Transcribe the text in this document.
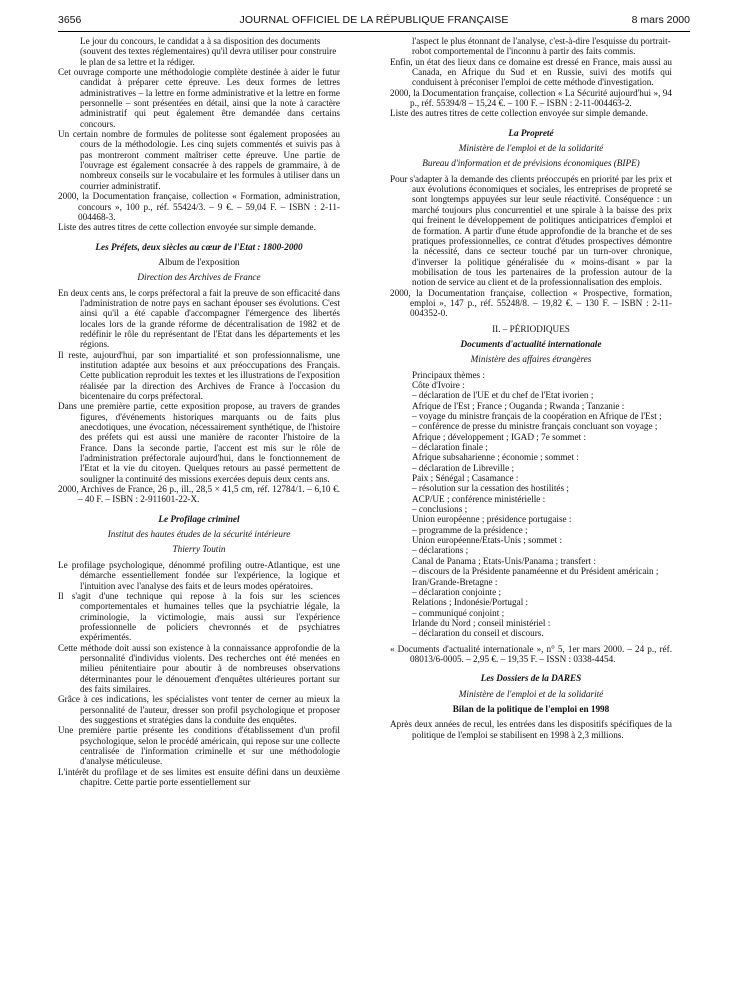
3656	JOURNAL OFFICIEL DE LA RÉPUBLIQUE FRANÇAISE	8 mars 2000

Le jour du concours, le candidat a à sa disposition des documents (souvent des textes réglementaires) qu'il devra utiliser pour construire le plan de sa lettre et la rédiger.

Cet ouvrage comporte une méthodologie complète destinée à aider le futur candidat à préparer cette épreuve. Les deux formes de lettres administratives – la lettre en forme administrative et la lettre en forme personnelle – sont présentées en détail, ainsi que la note à caractère administratif qui peut également être demandée dans certains concours.

Un certain nombre de formules de politesse sont également proposées au cours de la méthodologie. Les cinq sujets commentés et suivis pas à pas montreront comment maîtriser cette épreuve. Une partie de l'ouvrage est également consacrée à des rappels de grammaire, à de nombreux conseils sur le vocabulaire et les formules à utiliser dans un courrier administratif.

2000, la Documentation française, collection « Formation, administration, concours », 100 p., réf. 55424/3. – 9 €. – 59,04 F. – ISBN : 2-11-004468-3.

Liste des autres titres de cette collection envoyée sur simple demande.

Les Préfets, deux siècles au cœur de l'Etat : 1800-2000

Album de l'exposition

Direction des Archives de France

En deux cents ans, le corps préfectoral a fait la preuve de son efficacité dans l'administration de notre pays en sachant épouser ses évolutions. C'est ainsi qu'il a été capable d'accompagner l'émergence des libertés locales lors de la grande réforme de décentralisation de 1982 et de redéfinir le rôle du représentant de l'Etat dans les départements et les régions.

Il reste, aujourd'hui, par son impartialité et son professionnalisme, une institution adaptée aux besoins et aux préoccupations des Français. Cette publication reproduit les textes et les illustrations de l'exposition réalisée par la direction des Archives de France à l'occasion du bicentenaire du corps préfectoral.

Dans une première partie, cette exposition propose, au travers de grandes figures, d'événements historiques marquants ou de faits plus anecdotiques, une évocation, nécessairement synthétique, de l'histoire des préfets qui est aussi une manière de raconter l'histoire de la France. Dans la seconde partie, l'accent est mis sur le rôle de l'administration préfectorale aujourd'hui, dans le fonctionnement de l'Etat et la vie du citoyen. Quelques retours au passé permettent de souligner la continuité des missions exercées depuis deux cents ans.

2000, Archives de France, 26 p., ill., 28,5 × 41,5 cm, réf. 12784/1. – 6,10 €. – 40 F. – ISBN : 2-911601-22-X.

Le Profilage criminel

Institut des hautes études de la sécurité intérieure

Thierry Toutin

Le profilage psychologique, dénommé profiling outre-Atlantique, est une démarche essentiellement fondée sur l'expérience, la logique et l'intuition avec l'analyse des faits et de leurs modes opératoires.

Il s'agit d'une technique qui repose à la fois sur les sciences comportementales et humaines telles que la psychiatrie légale, la criminologie, la victimologie, mais aussi sur l'expérience professionnelle de policiers chevronnés et de psychiatres expérimentés.

Cette méthode doit aussi son existence à la connaissance approfondie de la personnalité d'individus violents. Des recherches ont été menées en milieu pénitentiaire pour aboutir à de nombreuses observations déterminantes pour le dénouement d'enquêtes ultérieures portant sur des faits similaires.

Grâce à ces indications, les spécialistes vont tenter de cerner au mieux la personnalité de l'auteur, dresser son profil psychologique et proposer des suggestions et stratégies dans la conduite des enquêtes.

Une première partie présente les conditions d'établissement d'un profil psychologique, selon le procédé américain, qui repose sur une collecte centralisée de l'information criminelle et sur une méthodologie d'analyse méticuleuse.

L'intérêt du profilage et de ses limites est ensuite défini dans un deuxième chapitre. Cette partie porte essentiellement sur

l'aspect le plus étonnant de l'analyse, c'est-à-dire l'esquisse du portrait-robot comportemental de l'inconnu à partir des faits commis.

Enfin, un état des lieux dans ce domaine est dressé en France, mais aussi au Canada, en Afrique du Sud et en Russie, suivi des motifs qui conduisent à préconiser l'emploi de cette méthode d'investigation.

2000, la Documentation française, collection « La Sécurité aujourd'hui », 94 p., réf. 55394/8 – 15,24 €. – 100 F. – ISBN : 2-11-004463-2.

Liste des autres titres de cette collection envoyée sur simple demande.

La Propreté

Ministère de l'emploi et de la solidarité

Bureau d'information et de prévisions économiques (BIPE)

Pour s'adapter à la demande des clients préoccupés en priorité par les prix et aux évolutions économiques et sociales, les entreprises de propreté se sont longtemps appuyées sur leur seule réactivité. Conséquence : un marché toujours plus concurrentiel et une spirale à la baisse des prix qui freinent le développement de politiques anticipatrices d'emploi et de formation. A partir d'une étude approfondie de la branche et de ses pratiques professionnelles, ce contrat d'études prospectives démontre la nécessité, dans ce secteur touché par un turn-over chronique, d'inverser la politique généralisée du « moins-disant » par la mobilisation de tous les partenaires de la profession autour de la notion de service au client et de la professionnalisation des emplois.

2000, la Documentation française, collection « Prospective, formation, emploi », 147 p., réf. 55248/8. – 19,82 €. – 130 F. – ISBN : 2-11-004352-0.

II. – PÉRIODIQUES

Documents d'actualité internationale

Ministère des affaires étrangères

Principaux thèmes :

Côte d'Ivoire :

– déclaration de l'UE et du chef de l'Etat ivorien ;

Afrique de l'Est ; France ; Ouganda ; Rwanda ; Tanzanie :

– voyage du ministre français de la coopération en Afrique de l'Est ;

– conférence de presse du ministre français concluant son voyage ;

Afrique ; développement ; IGAD ; 7e sommet :

– déclaration finale ;

Afrique subsaharienne ; économie ; sommet :

– déclaration de Libreville ;

Paix ; Sénégal ; Casamance :

– résolution sur la cessation des hostilités ;

ACP/UE ; conférence ministérielle :

– conclusions ;

Union européenne ; présidence portugaise :

– programme de la présidence ;

Union européenne/Etats-Unis ; sommet :

– déclarations ;

Canal de Panama ; Etats-Unis/Panama ; transfert :

– discours de la Présidente panaméenne et du Président américain ;

Iran/Grande-Bretagne :

– déclaration conjointe ;

Relations ; Indonésie/Portugal :

– communiqué conjoint ;

Irlande du Nord ; conseil ministériel :

– déclaration du conseil et discours.

« Documents d'actualité internationale », n° 5, 1er mars 2000. – 24 p., réf. 08013/6-0005. – 2,95 €. – 19,35 F. – ISSN : 0338-4454.

Les Dossiers de la DARES

Ministère de l'emploi et de la solidarité

Bilan de la politique de l'emploi en 1998

Après deux années de recul, les entrées dans les dispositifs spécifiques de la politique de l'emploi se stabilisent en 1998 à 2,3 millions.
